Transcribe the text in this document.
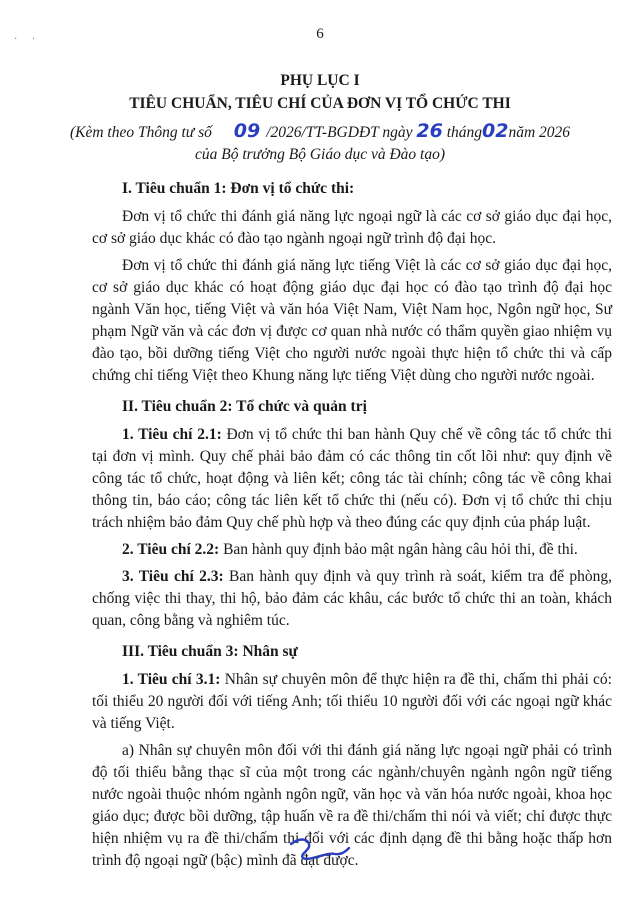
· ·	6
PHỤ LỤC I
TIÊU CHUẨN, TIÊU CHÍ CỦA ĐƠN VỊ TỔ CHỨC THI
(Kèm theo Thông tư số 09 /2026/TT-BGDĐT ngày 26 tháng02năm 2026
của Bộ trưởng Bộ Giáo dục và Đào tạo)
I. Tiêu chuẩn 1: Đơn vị tổ chức thi:

Đơn vị tổ chức thi đánh giá năng lực ngoại ngữ là các cơ sở giáo dục đại học, cơ sở giáo dục khác có đào tạo ngành ngoại ngữ trình độ đại học.

Đơn vị tổ chức thi đánh giá năng lực tiếng Việt là các cơ sở giáo dục đại học, cơ sở giáo dục khác có hoạt động giáo dục đại học có đào tạo trình độ đại học ngành Văn học, tiếng Việt và văn hóa Việt Nam, Việt Nam học, Ngôn ngữ học, Sư phạm Ngữ văn và các đơn vị được cơ quan nhà nước có thẩm quyền giao nhiệm vụ đào tạo, bồi dưỡng tiếng Việt cho người nước ngoài thực hiện tổ chức thi và cấp chứng chỉ tiếng Việt theo Khung năng lực tiếng Việt dùng cho người nước ngoài.

II. Tiêu chuẩn 2: Tổ chức và quản trị

1. Tiêu chí 2.1: Đơn vị tổ chức thi ban hành Quy chế về công tác tổ chức thi tại đơn vị mình. Quy chế phải bảo đảm có các thông tin cốt lõi như: quy định về công tác tổ chức, hoạt động và liên kết; công tác tài chính; công tác về công khai thông tin, báo cáo; công tác liên kết tổ chức thi (nếu có). Đơn vị tổ chức thi chịu trách nhiệm bảo đảm Quy chế phù hợp và theo đúng các quy định của pháp luật.

2. Tiêu chí 2.2: Ban hành quy định bảo mật ngân hàng câu hỏi thi, đề thi.

3. Tiêu chí 2.3: Ban hành quy định và quy trình rà soát, kiểm tra để phòng, chống việc thi thay, thi hộ, bảo đảm các khâu, các bước tổ chức thi an toàn, khách quan, công bằng và nghiêm túc.

III. Tiêu chuẩn 3: Nhân sự

1. Tiêu chí 3.1: Nhân sự chuyên môn để thực hiện ra đề thi, chấm thi phải có: tối thiểu 20 người đối với tiếng Anh; tối thiểu 10 người đối với các ngoại ngữ khác và tiếng Việt.

a) Nhân sự chuyên môn đối với thi đánh giá năng lực ngoại ngữ phải có trình độ tối thiểu bằng thạc sĩ của một trong các ngành/chuyên ngành ngôn ngữ tiếng nước ngoài thuộc nhóm ngành ngôn ngữ, văn học và văn hóa nước ngoài, khoa học giáo dục; được bồi dưỡng, tập huấn về ra đề thi/chấm thi nói và viết; chỉ được thực hiện nhiệm vụ ra đề thi/chấm thi đối với các định dạng đề thi bằng hoặc thấp hơn trình độ ngoại ngữ (bậc) mình đã đạt được.
